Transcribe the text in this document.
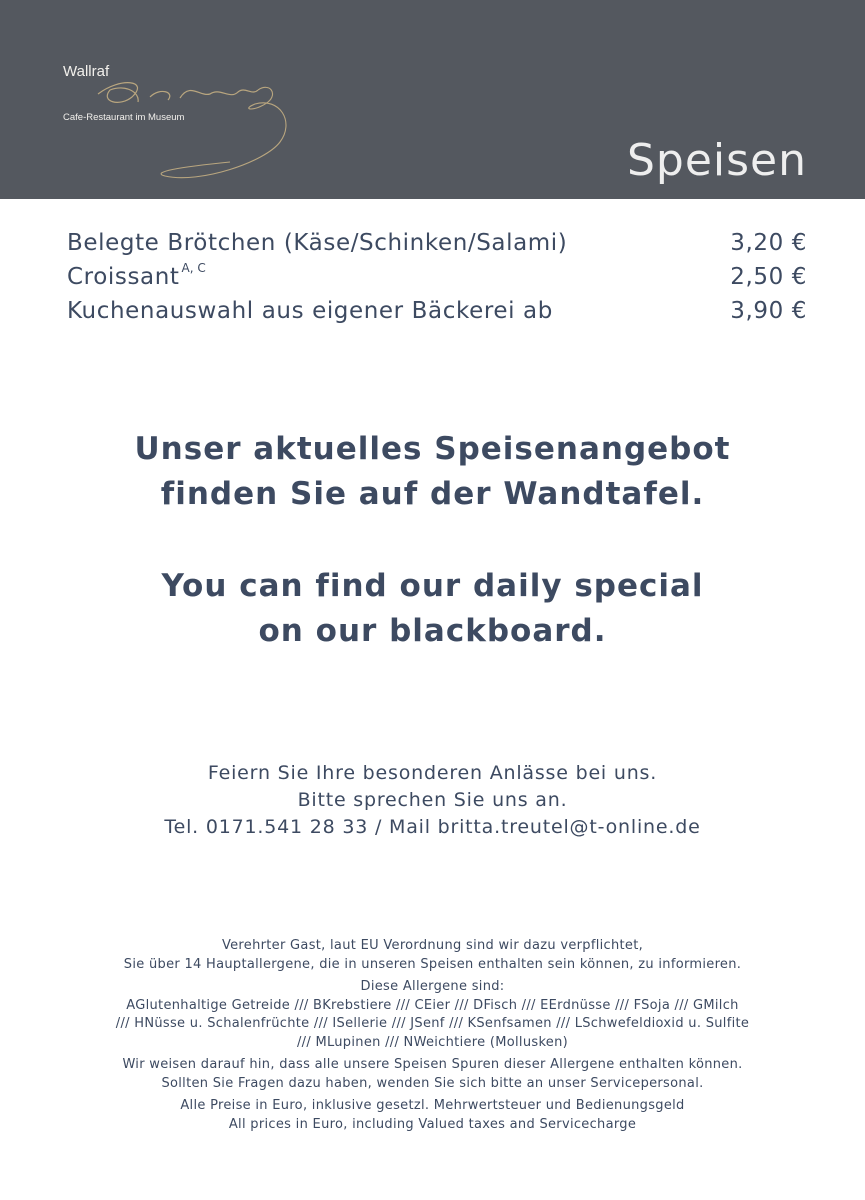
Wallraf
Cafe-Restaurant im Museum
Speisen
Belegte Brötchen (Käse/Schinken/Salami)	3,20 €
Croissant $^{A, C}$	2,50 €
Kuchenauswahl aus eigener Bäckerei ab	3,90 €
Unser aktuelles Speisenangebot
finden Sie auf der Wandtafel.
You can find our daily special
on our blackboard.
Feiern Sie Ihre besonderen Anlässe bei uns.
Bitte sprechen Sie uns an.
Tel. 0171.541 28 33 / Mail britta.treutel@t-online.de
Verehrter Gast, laut EU Verordnung sind wir dazu verpflichtet,
Sie über 14 Hauptallergene, die in unseren Speisen enthalten sein können, zu informieren.
Diese Allergene sind:
AGlutenhaltige Getreide /// BKrebstiere /// CEier /// DFisch /// EErdnüsse /// FSoja /// GMilch
/// HNüsse u. Schalenfrüchte /// ISellerie /// JSenf /// KSenfsamen /// LSchwefeldioxid u. Sulfite
/// MLupinen /// NWeichtiere (Mollusken)
Wir weisen darauf hin, dass alle unsere Speisen Spuren dieser Allergene enthalten können.
Sollten Sie Fragen dazu haben, wenden Sie sich bitte an unser Servicepersonal.
Alle Preise in Euro, inklusive gesetzl. Mehrwertsteuer und Bedienungsgeld
All prices in Euro, including Valued taxes and Servicecharge
